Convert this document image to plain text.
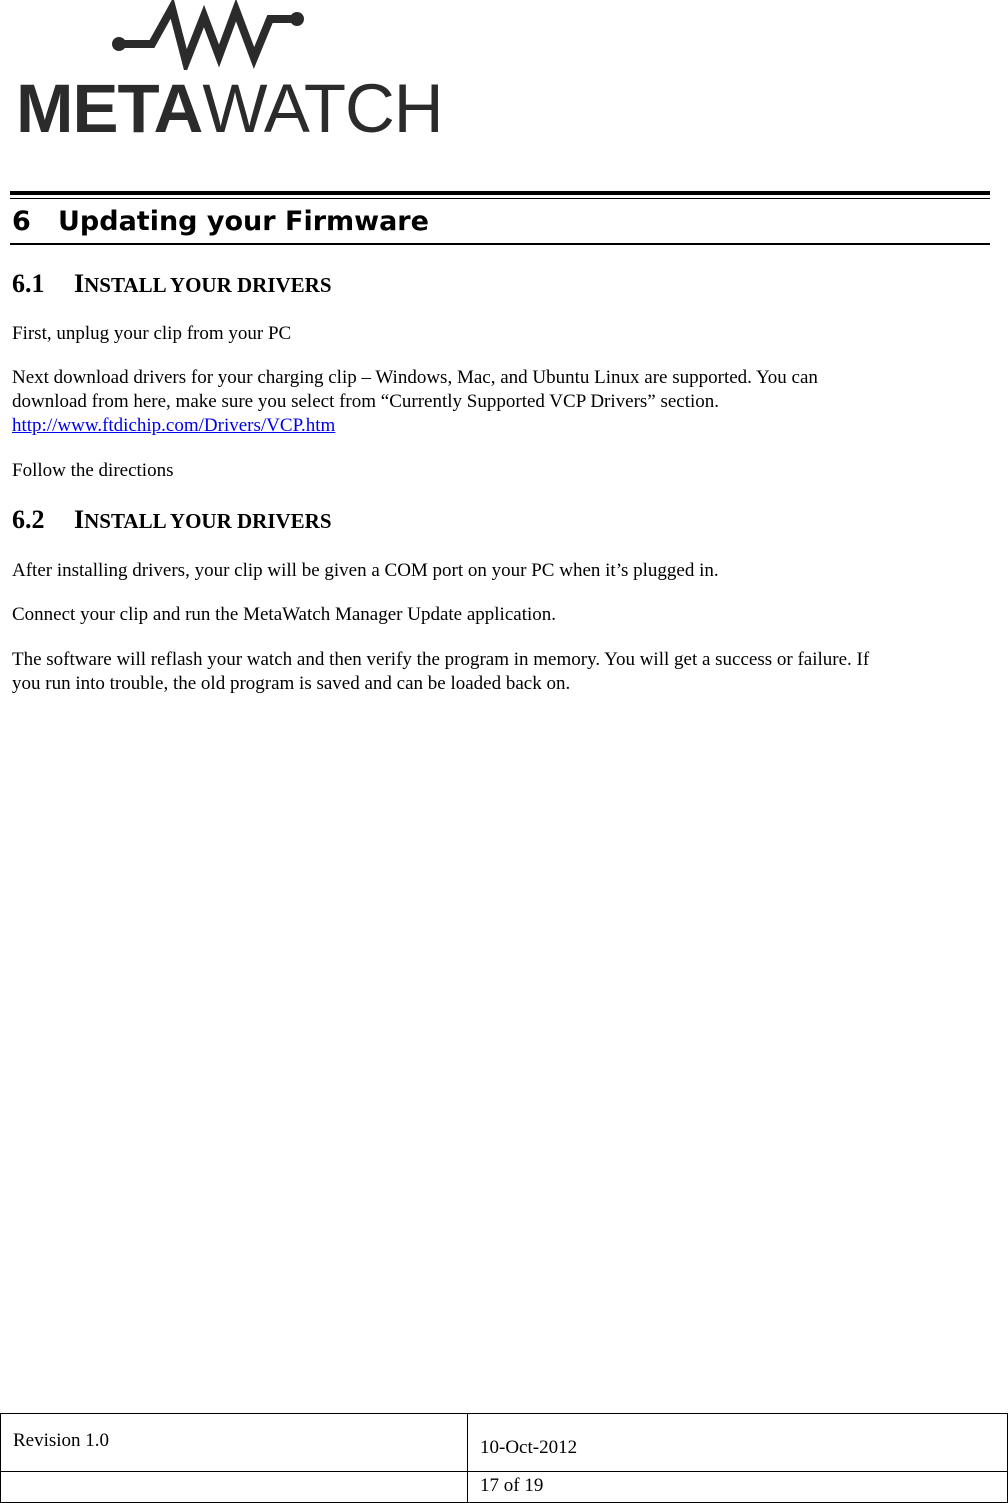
METAWATCH
6 Updating your Firmware
6.1 INSTALL YOUR DRIVERS

First, unplug your clip from your PC

Next download drivers for your charging clip – Windows, Mac, and Ubuntu Linux are supported. You can
download from here, make sure you select from “Currently Supported VCP Drivers” section.
http://www.ftdichip.com/Drivers/VCP.htm

Follow the directions

6.2 INSTALL YOUR DRIVERS

After installing drivers, your clip will be given a COM port on your PC when it’s plugged in.

Connect your clip and run the MetaWatch Manager Update application.

The software will reflash your watch and then verify the program in memory. You will get a success or failure. If
you run into trouble, the old program is saved and can be loaded back on.

Revision 1.0	10-Oct-2012

	17 of 19
